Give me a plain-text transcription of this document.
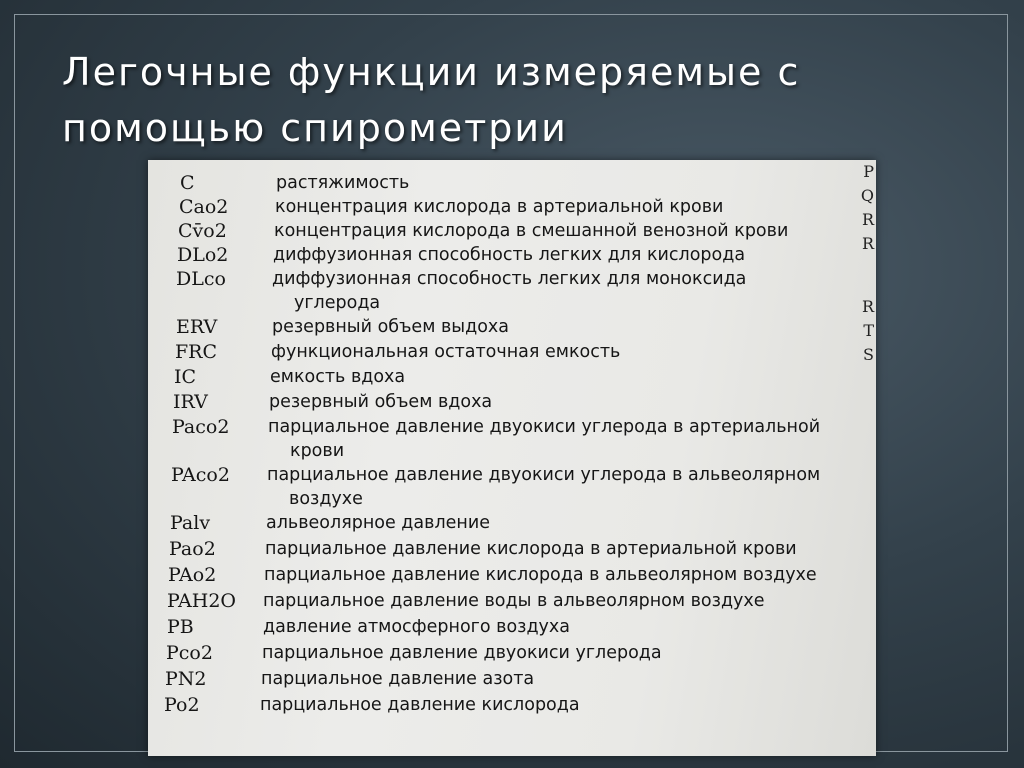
Легочные функции измеряемые с
помощью спирометрии
P
Q
R
R
R
T
S
C	растяжимость
Cao2	концентрация кислорода в артериальной крови
Cv̄o2	концентрация кислорода в смешанной венозной крови
DLo2	диффузионная способность легких для кислорода
DLco	диффузионная способность легких для моноксида
углерода
ERV	резервный объем выдоха
FRC	функциональная остаточная емкость
IC	емкость вдоха
IRV	резервный объем вдоха
Paco2 парциальное давление двуокиси углерода в артериальной
крови
PAco2 парциальное давление двуокиси углерода в альвеолярном
воздухе
Palv	альвеолярное давление
Pao2	парциальное давление кислорода в артериальной крови
PAo2	парциальное давление кислорода в альвеолярном воздухе
PAH2O парциальное давление воды в альвеолярном воздухе
PB	давление атмосферного воздуха
Pco2	парциальное давление двуокиси углерода
PN2	парциальное давление азота
Po2	парциальное давление кислорода
